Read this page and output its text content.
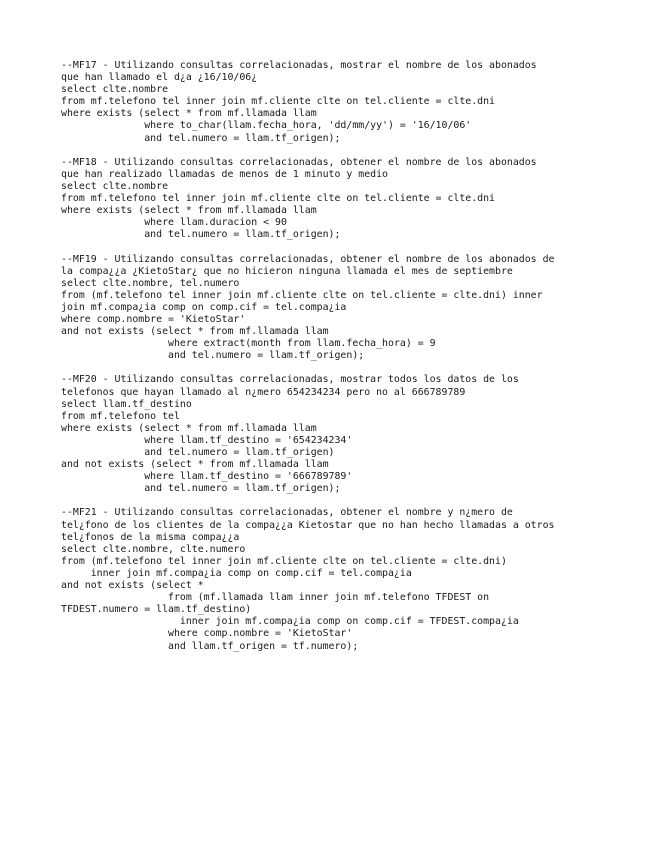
--MF17 - Utilizando consultas correlacionadas, mostrar el nombre de los abonados
que han llamado el d¿a ¿16/10/06¿
select clte.nombre
from mf.telefono tel inner join mf.cliente clte on tel.cliente = clte.dni
where exists (select * from mf.llamada llam
where to_char(llam.fecha_hora, 'dd/mm/yy') = '16/10/06'
and tel.numero = llam.tf_origen);
--MF18 - Utilizando consultas correlacionadas, obtener el nombre de los abonados
que han realizado llamadas de menos de 1 minuto y medio
select clte.nombre
from mf.telefono tel inner join mf.cliente clte on tel.cliente = clte.dni
where exists (select * from mf.llamada llam
where llam.duracion < 90
and tel.numero = llam.tf_origen);
--MF19 - Utilizando consultas correlacionadas, obtener el nombre de los abonados de
la compa¿¿a ¿KietoStar¿ que no hicieron ninguna llamada el mes de septiembre
select clte.nombre, tel.numero
from (mf.telefono tel inner join mf.cliente clte on tel.cliente = clte.dni) inner
join mf.compa¿ia comp on comp.cif = tel.compa¿ia
where comp.nombre = 'KietoStar'
and not exists (select * from mf.llamada llam
where extract(month from llam.fecha_hora) = 9
and tel.numero = llam.tf_origen);
--MF20 - Utilizando consultas correlacionadas, mostrar todos los datos de los
telefonos que hayan llamado al n¿mero 654234234 pero no al 666789789
select llam.tf_destino
from mf.telefono tel
where exists (select * from mf.llamada llam
where llam.tf_destino = '654234234'
and tel.numero = llam.tf_origen)
and not exists (select * from mf.llamada llam
where llam.tf_destino = '666789789'
and tel.numero = llam.tf_origen);
--MF21 - Utilizando consultas correlacionadas, obtener el nombre y n¿mero de
tel¿fono de los clientes de la compa¿¿a Kietostar que no han hecho llamadas a otros
tel¿fonos de la misma compa¿¿a
select clte.nombre, clte.numero
from (mf.telefono tel inner join mf.cliente clte on tel.cliente = clte.dni)
inner join mf.compa¿ia comp on comp.cif = tel.compa¿ia
and not exists (select *
from (mf.llamada llam inner join mf.telefono TFDEST on
TFDEST.numero = llam.tf_destino)
inner join mf.compa¿ia comp on comp.cif = TFDEST.compa¿ia
where comp.nombre = 'KietoStar'
and llam.tf_origen = tf.numero);
